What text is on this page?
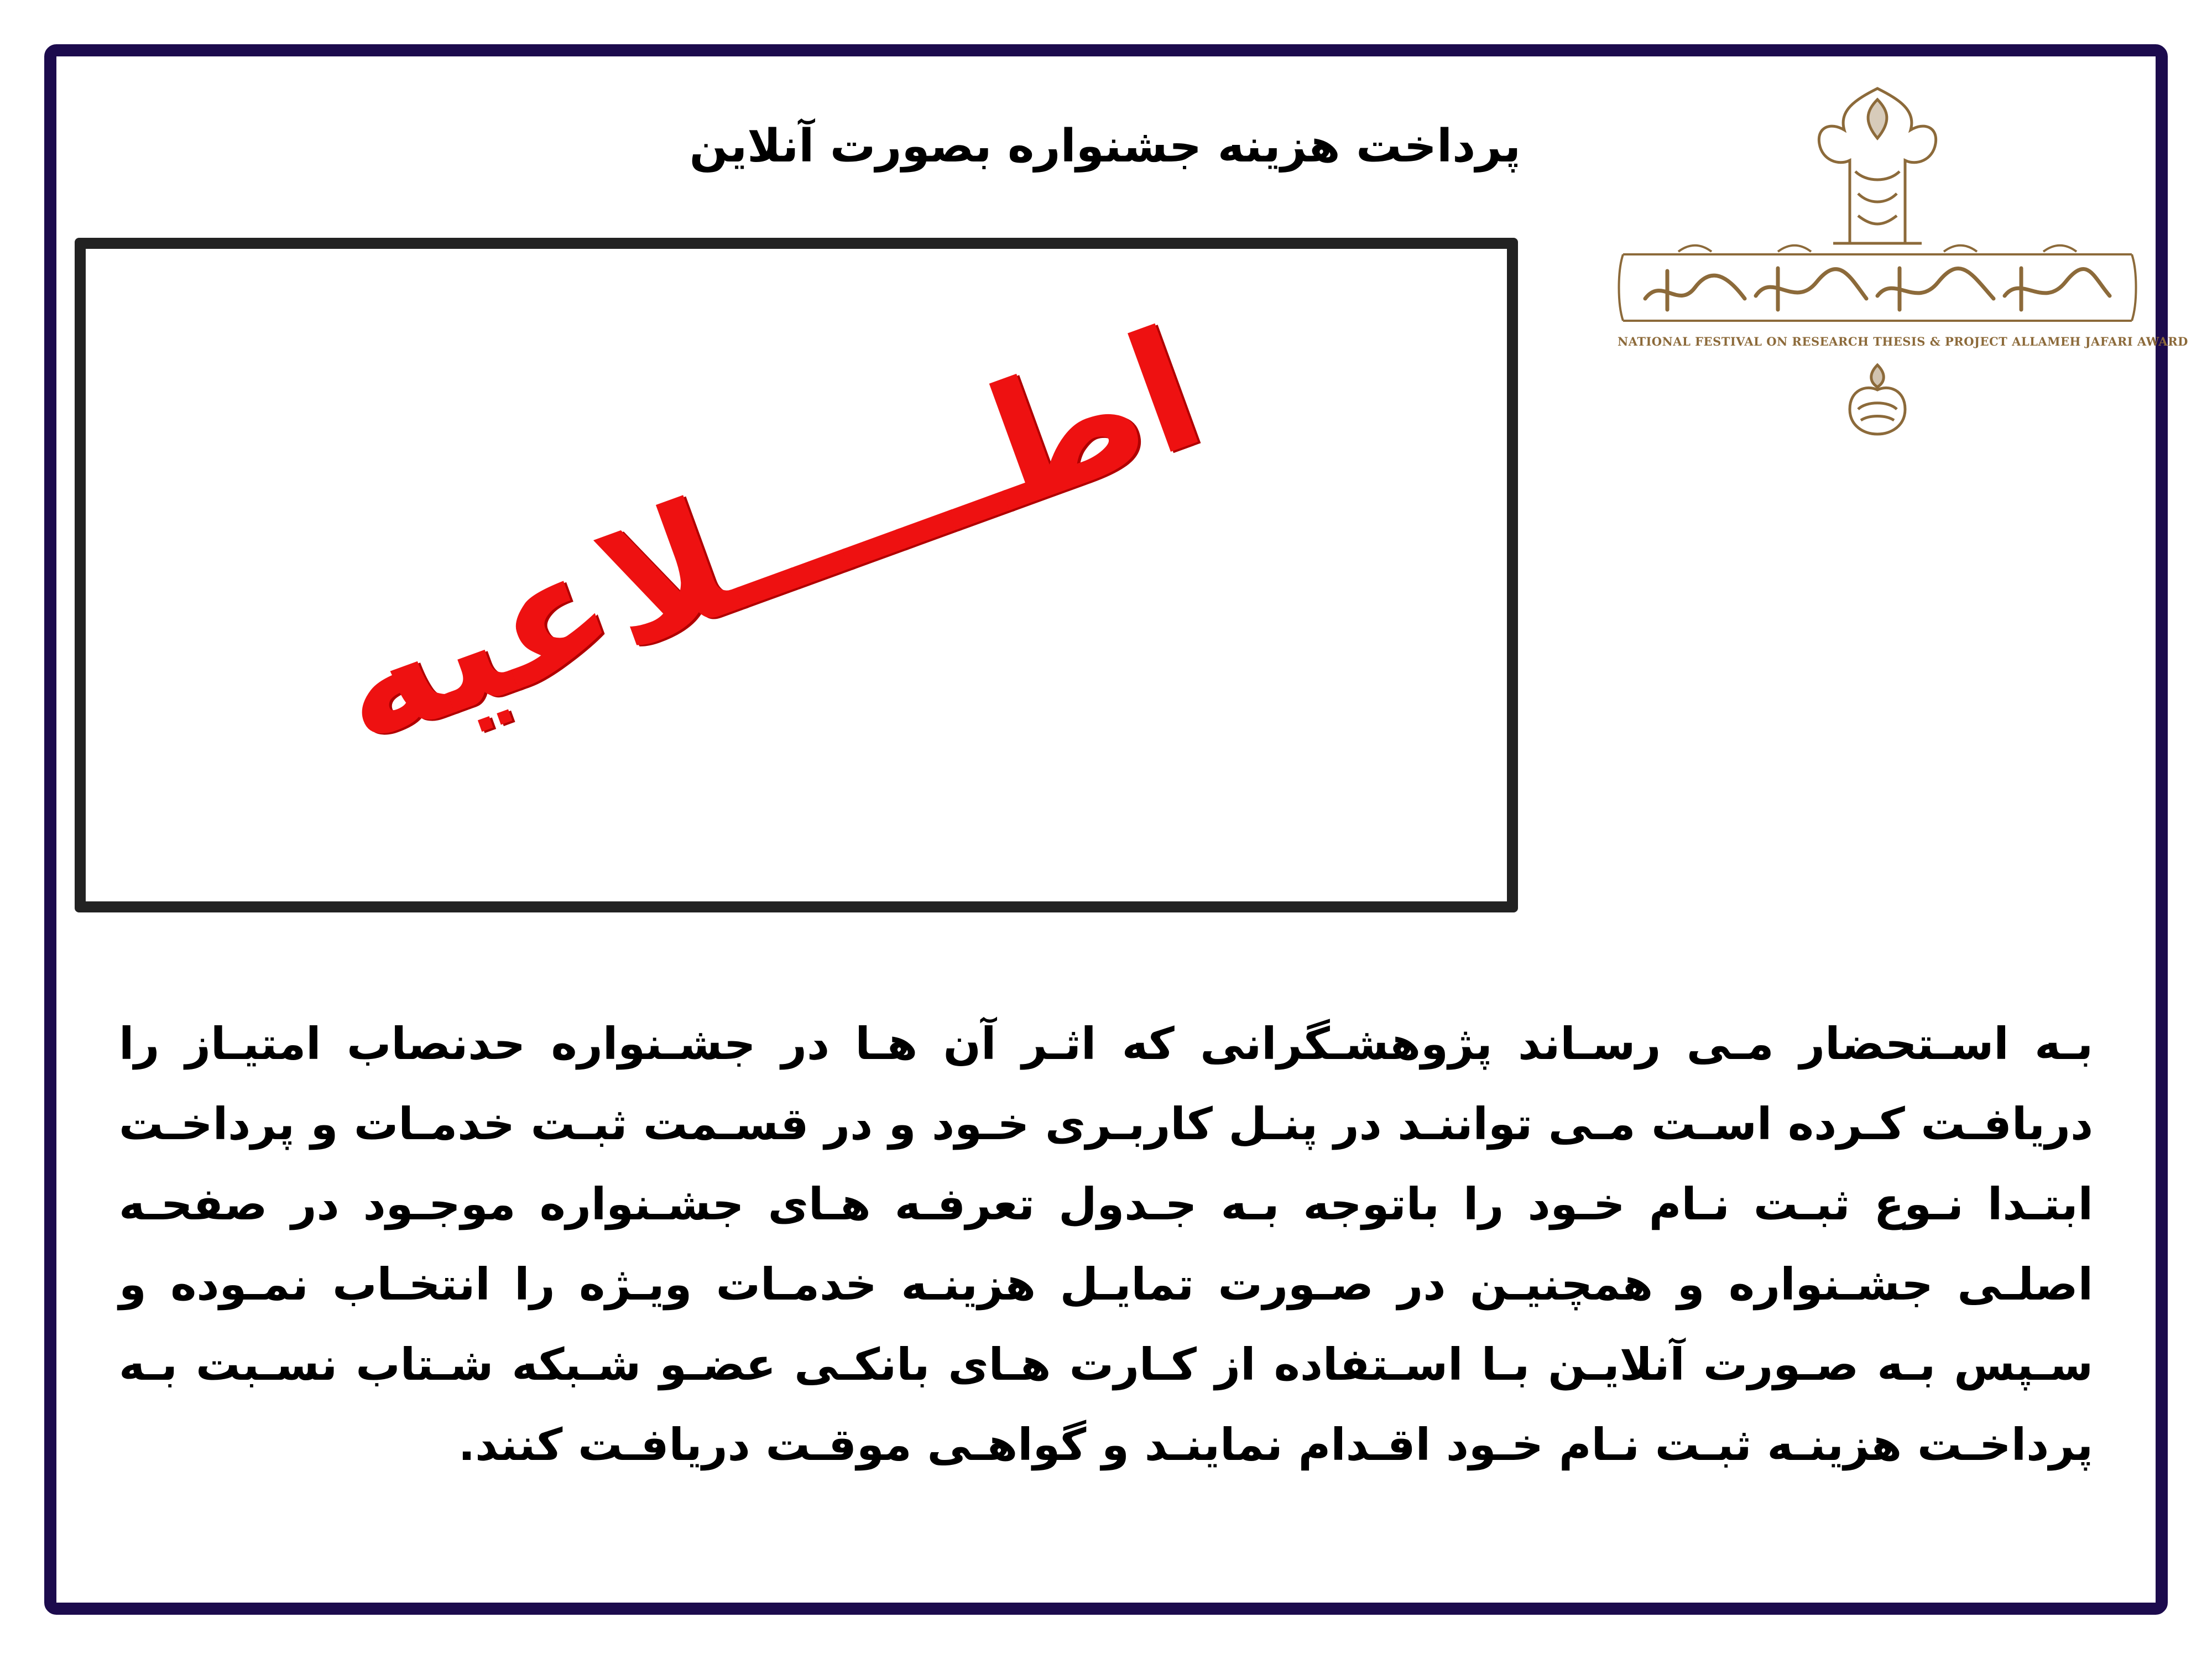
پرداخت هزینه جشنواره بصورت آنلاین
اطـــــلاعیه	NATIONAL FESTIVAL ON RESEARCH THESIS & PROJECT ALLAMEH JAFARI AWARD

بـه اسـتحضار مـی رسـاند پژوهشـگرانی که اثـر آن هـا در جشـنواره حدنصاب امتیـاز را دریافـت کـرده اسـت مـی تواننـد در پنـل کاربـری خـود و در قسـمت ثبـت خدمـات و پرداخـت ابتـدا نـوع ثبـت نـام خـود را باتوجه بـه جـدول تعرفـه هـای جشـنواره موجـود در صفحـه اصلـی جشـنواره و همچنیـن در صـورت تمایـل هزینـه خدمـات ویـژه را انتخـاب نمـوده و سـپس بـه صـورت آنلایـن بـا اسـتفاده از کـارت هـای بانکـی عضـو شـبکه شـتاب نسـبت بـه پرداخـت هزینـه ثبـت نـام خـود اقـدام نماینـد و گواهـی موقـت دریافـت کنند.
